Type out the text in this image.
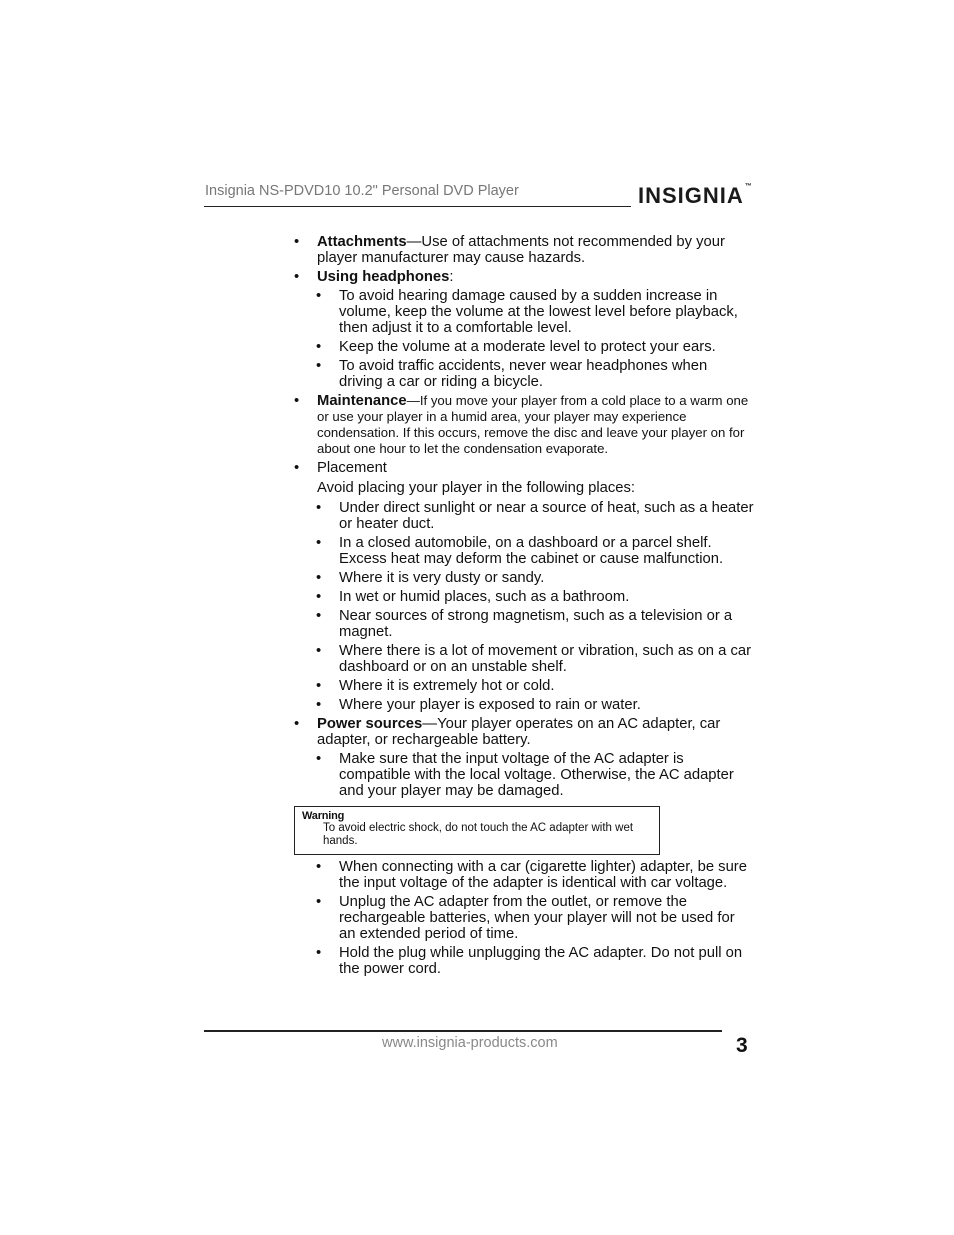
Insignia NS-PDVD10 10.2" Personal DVD Player	INSIGNIA™
• Attachments—Use of attachments not recommended by your player manufacturer may cause hazards.
• Using headphones:
• To avoid hearing damage caused by a sudden increase in volume, keep the volume at the lowest level before playback, then adjust it to a comfortable level.
• Keep the volume at a moderate level to protect your ears.
• To avoid traffic accidents, never wear headphones when driving a car or riding a bicycle.
• Maintenance—If you move your player from a cold place to a warm one or use your player in a humid area, your player may experience condensation. If this occurs, remove the disc and leave your player on for about one hour to let the condensation evaporate.
• Placement
Avoid placing your player in the following places:
• Under direct sunlight or near a source of heat, such as a heater or heater duct.
• In a closed automobile, on a dashboard or a parcel shelf. Excess heat may deform the cabinet or cause malfunction.
• Where it is very dusty or sandy.
• In wet or humid places, such as a bathroom.
• Near sources of strong magnetism, such as a television or a magnet.
• Where there is a lot of movement or vibration, such as on a car dashboard or on an unstable shelf.
• Where it is extremely hot or cold.
• Where your player is exposed to rain or water.
• Power sources—Your player operates on an AC adapter, car adapter, or rechargeable battery.
• Make sure that the input voltage of the AC adapter is compatible with the local voltage. Otherwise, the AC adapter and your player may be damaged.
Warning
To avoid electric shock, do not touch the AC adapter with wet hands.
• When connecting with a car (cigarette lighter) adapter, be sure the input voltage of the adapter is identical with car voltage.
• Unplug the AC adapter from the outlet, or remove the rechargeable batteries, when your player will not be used for an extended period of time.
• Hold the plug while unplugging the AC adapter. Do not pull on the power cord.
www.insignia-products.com	3
